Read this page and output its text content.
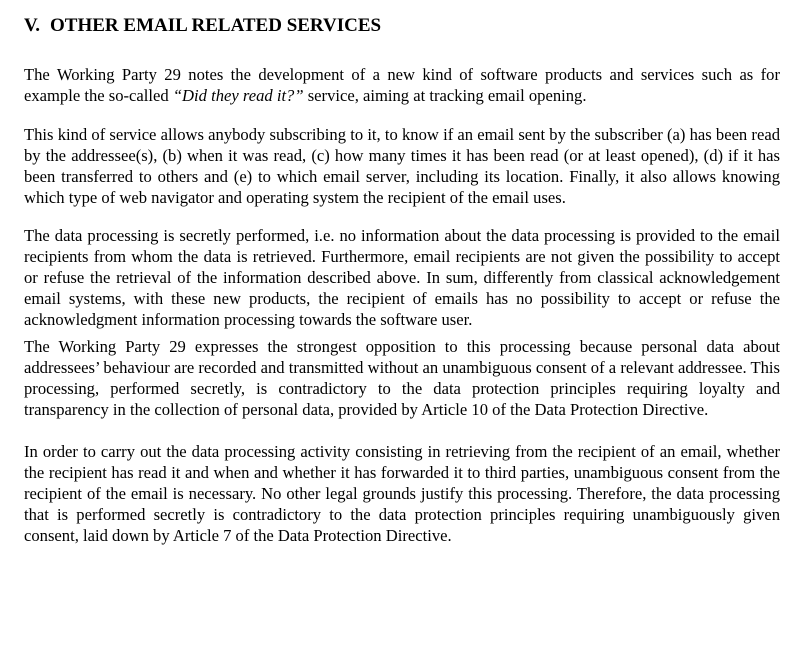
V. OTHER EMAIL RELATED SERVICES

The Working Party 29 notes the development of a new kind of software products and services such as for example the so-called “Did they read it?” service, aiming at tracking email opening.

This kind of service allows anybody subscribing to it, to know if an email sent by the subscriber (a) has been read by the addressee(s), (b) when it was read, (c) how many times it has been read (or at least opened), (d) if it has been transferred to others and (e) to which email server, including its location. Finally, it also allows knowing which type of web navigator and operating system the recipient of the email uses.

The data processing is secretly performed, i.e. no information about the data processing is provided to the email recipients from whom the data is retrieved. Furthermore, email recipients are not given the possibility to accept or refuse the retrieval of the information described above. In sum, differently from classical acknowledgement email systems, with these new products, the recipient of emails has no possibility to accept or refuse the acknowledgment information processing towards the software user.

The Working Party 29 expresses the strongest opposition to this processing because personal data about addressees’ behaviour are recorded and transmitted without an unambiguous consent of a relevant addressee. This processing, performed secretly, is contradictory to the data protection principles requiring loyalty and transparency in the collection of personal data, provided by Article 10 of the Data Protection Directive.

In order to carry out the data processing activity consisting in retrieving from the recipient of an email, whether the recipient has read it and when and whether it has forwarded it to third parties, unambiguous consent from the recipient of the email is necessary. No other legal grounds justify this processing. Therefore, the data processing that is performed secretly is contradictory to the data protection principles requiring unambiguously given consent, laid down by Article 7 of the Data Protection Directive.
